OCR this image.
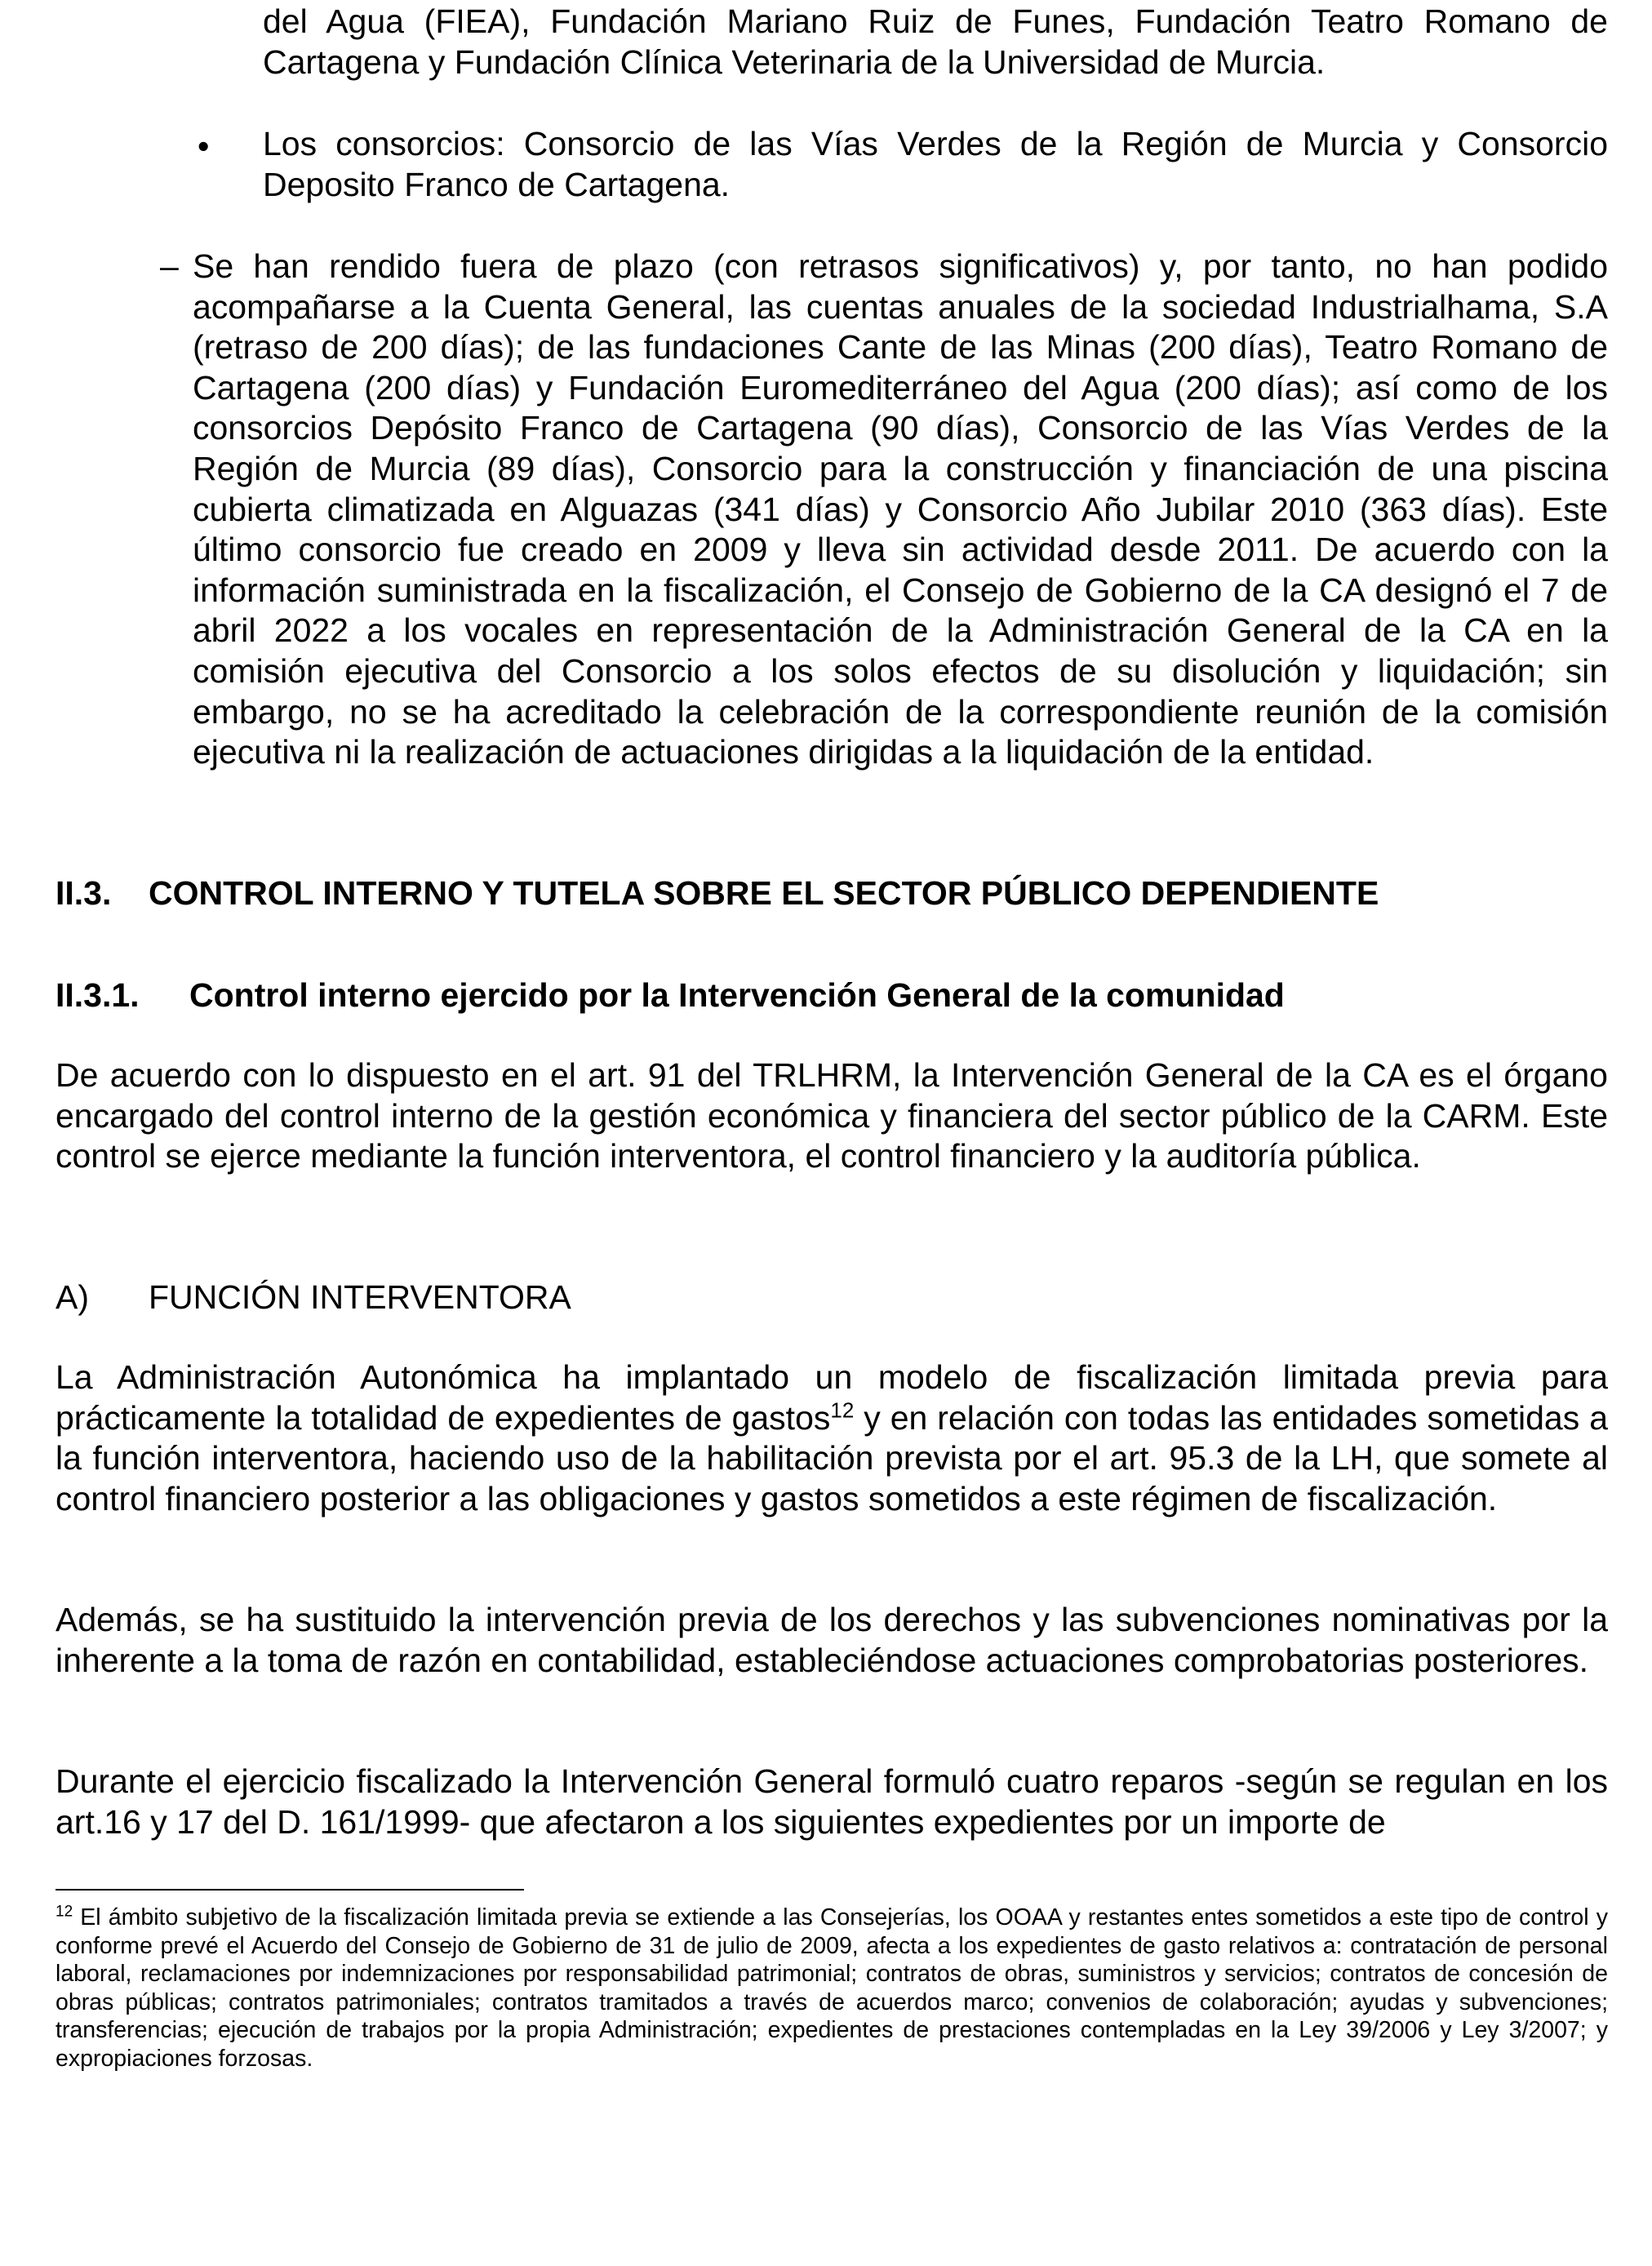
del Agua (FIEA), Fundación Mariano Ruiz de Funes, Fundación Teatro Romano de Cartagena y Fundación Clínica Veterinaria de la Universidad de Murcia.

• Los consorcios: Consorcio de las Vías Verdes de la Región de Murcia y Consorcio Deposito Franco de Cartagena.

– Se han rendido fuera de plazo (con retrasos significativos) y, por tanto, no han podido acompañarse a la Cuenta General, las cuentas anuales de la sociedad Industrialhama, S.A (retraso de 200 días); de las fundaciones Cante de las Minas (200 días), Teatro Romano de Cartagena (200 días) y Fundación Euromediterráneo del Agua (200 días); así como de los consorcios Depósito Franco de Cartagena (90 días), Consorcio de las Vías Verdes de la Región de Murcia (89 días), Consorcio para la construcción y financiación de una piscina cubierta climatizada en Alguazas (341 días) y Consorcio Año Jubilar 2010 (363 días). Este último consorcio fue creado en 2009 y lleva sin actividad desde 2011. De acuerdo con la información suministrada en la fiscalización, el Consejo de Gobierno de la CA designó el 7 de abril 2022 a los vocales en representación de la Administración General de la CA en la comisión ejecutiva del Consorcio a los solos efectos de su disolución y liquidación; sin embargo, no se ha acreditado la celebración de la correspondiente reunión de la comisión ejecutiva ni la realización de actuaciones dirigidas a la liquidación de la entidad.

II.3. CONTROL INTERNO Y TUTELA SOBRE EL SECTOR PÚBLICO DEPENDIENTE
II.3.1. Control interno ejercido por la Intervención General de la comunidad

De acuerdo con lo dispuesto en el art. 91 del TRLHRM, la Intervención General de la CA es el órgano encargado del control interno de la gestión económica y financiera del sector público de la CARM. Este control se ejerce mediante la función interventora, el control financiero y la auditoría pública.

A) FUNCIÓN INTERVENTORA

La Administración Autonómica ha implantado un modelo de fiscalización limitada previa para prácticamente la totalidad de expedientes de gastos$^{12}$ y en relación con todas las entidades sometidas a la función interventora, haciendo uso de la habilitación prevista por el art. 95.3 de la LH, que somete al control financiero posterior a las obligaciones y gastos sometidos a este régimen de fiscalización.

Además, se ha sustituido la intervención previa de los derechos y las subvenciones nominativas por la inherente a la toma de razón en contabilidad, estableciéndose actuaciones comprobatorias posteriores.

Durante el ejercicio fiscalizado la Intervención General formuló cuatro reparos -según se regulan en los art.16 y 17 del D. 161/1999- que afectaron a los siguientes expedientes por un importe de

$^{12}$ El ámbito subjetivo de la fiscalización limitada previa se extiende a las Consejerías, los OOAA y restantes entes sometidos a este tipo de control y conforme prevé el Acuerdo del Consejo de Gobierno de 31 de julio de 2009, afecta a los expedientes de gasto relativos a: contratación de personal laboral, reclamaciones por indemnizaciones por responsabilidad patrimonial; contratos de obras, suministros y servicios; contratos de concesión de obras públicas; contratos patrimoniales; contratos tramitados a través de acuerdos marco; convenios de colaboración; ayudas y subvenciones; transferencias; ejecución de trabajos por la propia Administración; expedientes de prestaciones contempladas en la Ley 39/2006 y Ley 3/2007; y expropiaciones forzosas.
